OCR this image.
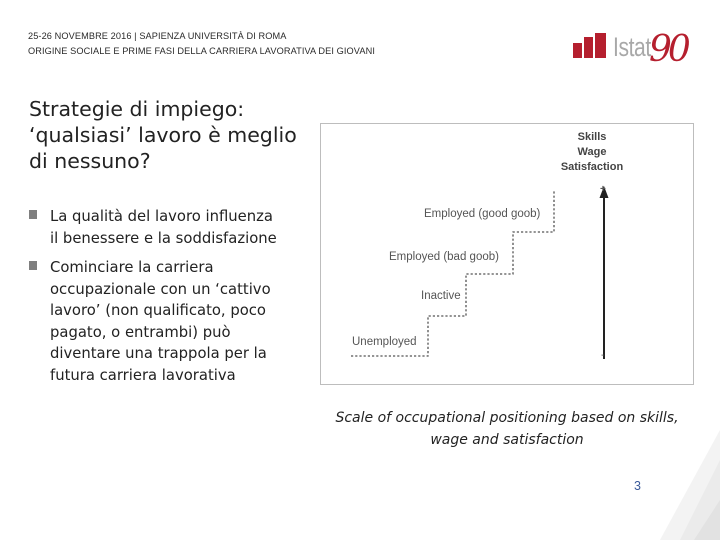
25-26 NOVEMBRE 2016 | SAPIENZA UNIVERSITÀ DI ROMA
ORIGINE SOCIALE E PRIME FASI DELLA CARRIERA LAVORATIVA DEI GIOVANI	Istat
90
Strategie di impiego: ‘qualsiasi’ lavoro è meglio di nessuno?
La qualità del lavoro influenza il benessere e la soddisfazione
Cominciare la carriera occupazionale con un ‘cattivo lavoro’ (non qualificato, poco pagato, o entrambi) può diventare una trappola per la futura carriera lavorativa
Skills
Wage
Satisfaction
+
-
Unemployed
Inactive
Employed (bad goob)
Employed (good goob)
Scale of occupational positioning based on skills, wage and satisfaction
3
